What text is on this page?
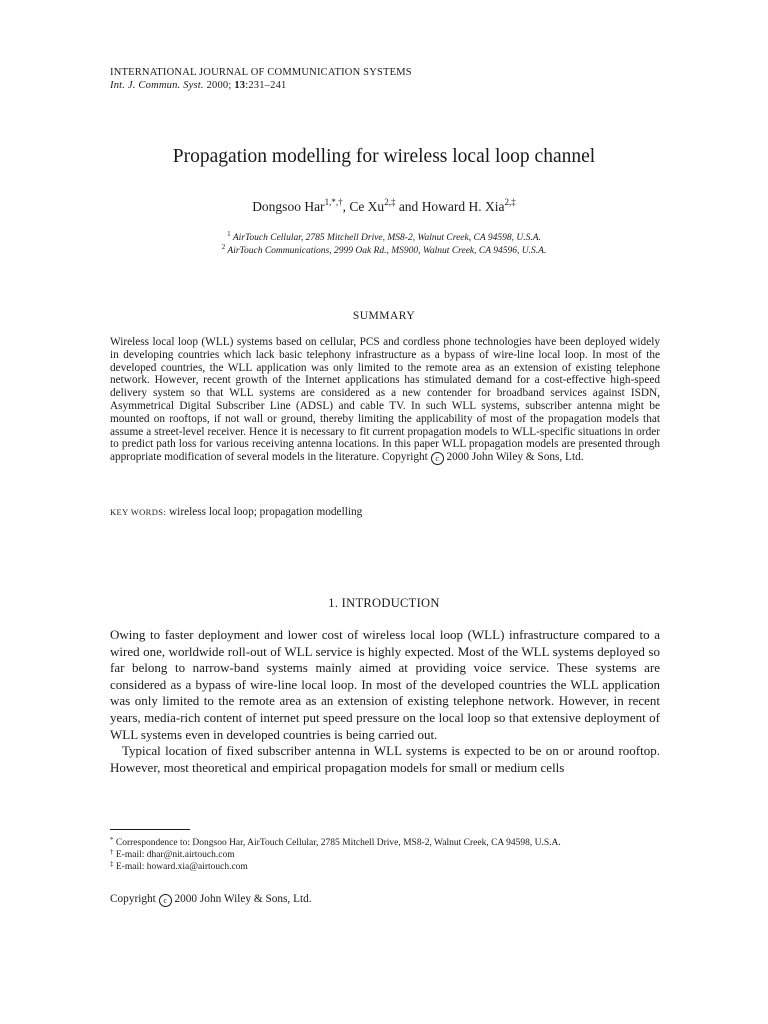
INTERNATIONAL JOURNAL OF COMMUNICATION SYSTEMS
Int. J. Commun. Syst. 2000; 13:231–241
Propagation modelling for wireless local loop channel
Dongsoo Har$^{1,*,\dagger}$, Ce $Xu^{2,\ddagger}$ and Howard H. Xia$^{2,\ddagger}$
$^1$ AirTouch Cellular, 2785 Mitchell Drive, MS8-2, Walnut Creek, CA 94598, U.S.A.
$^2$ AirTouch Communications, 2999 Oak Rd., MS900, Walnut Creek, CA 94596, U.S.A.
SUMMARY
Wireless local loop (WLL) systems based on cellular, PCS and cordless phone technologies have been deployed widely in developing countries which lack basic telephony infrastructure as a bypass of wire-line local loop. In most of the developed countries, the WLL application was only limited to the remote area as an extension of existing telephone network. However, recent growth of the Internet applications has stimulated demand for a cost-effective high-speed delivery system so that WLL systems are considered as a new contender for broadband services against ISDN, Asymmetrical Digital Subscriber Line (ADSL) and cable TV. In such WLL systems, subscriber antenna might be mounted on rooftops, if not wall or ground, thereby limiting the applicability of most of the propagation models that assume a street-level receiver. Hence it is necessary to fit current propagation models to WLL-specific situations in order to predict path loss for various receiving antenna locations. In this paper WLL propagation models are presented through appropriate modification of several models in the literature. Copyright c 2000 John Wiley & Sons, Ltd.
KEY WORDS: wireless local loop; propagation modelling
1. INTRODUCTION

Owing to faster deployment and lower cost of wireless local loop (WLL) infrastructure compared to a wired one, worldwide roll-out of WLL service is highly expected. Most of the WLL systems deployed so far belong to narrow-band systems mainly aimed at providing voice service. These systems are considered as a bypass of wire-line local loop. In most of the developed countries the WLL application was only limited to the remote area as an extension of existing telephone network. However, in recent years, media-rich content of internet put speed pressure on the local loop so that extensive deployment of WLL systems even in developed countries is being carried out.

Typical location of fixed subscriber antenna in WLL systems is expected to be on or around rooftop. However, most theoretical and empirical propagation models for small or medium cells

* Correspondence to: Dongsoo Har, AirTouch Cellular, 2785 Mitchell Drive, MS8-2, Walnut Creek, CA 94598, U.S.A.
† E-mail: dhar@nit.airtouch.com
‡ E-mail: howard.xia@airtouch.com
Copyright c 2000 John Wiley & Sons, Ltd.
